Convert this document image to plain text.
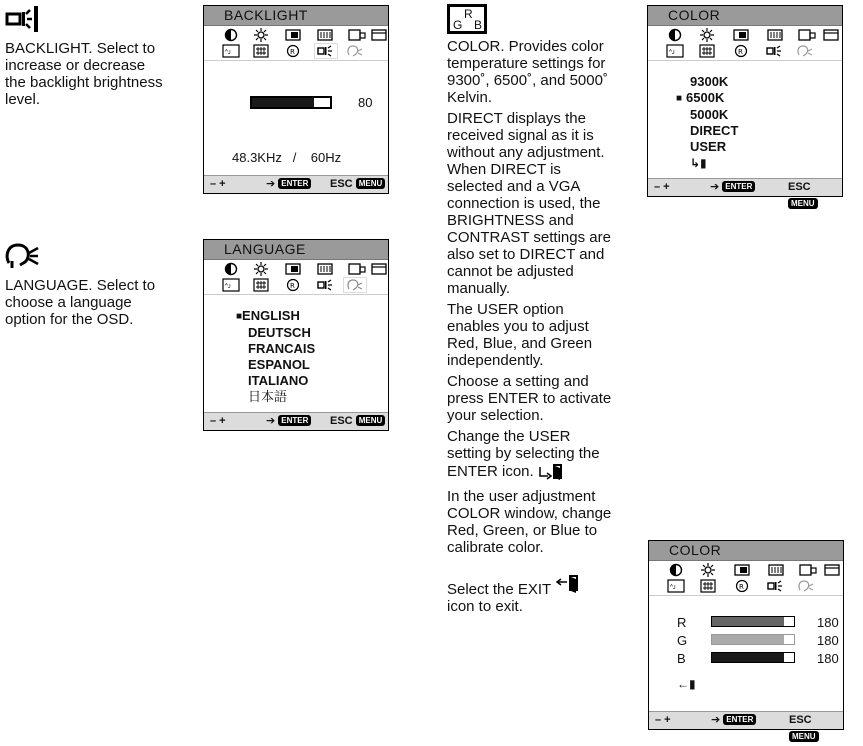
BACKLIGHT. Select to
increase or decrease
the backlight brightness
level.
LANGUAGE. Select to
choose a language
option for the OSD.
BACKLIGHT
ᴬᴊ	R
80
48.3KHz / 60Hz
– +	➔ ENTER ESC MENU
LANGUAGE
ᴬᴊ	R
■ENGLISH
DEUTSCH
FRANCAIS
ESPANOL
ITALIANO
日本語
– +	➔ ENTER ESC MENU
G
R
B
COLOR. Provides color
temperature settings for
9300˚, 6500˚, and 5000˚
Kelvin.
DIRECT displays the
received signal as it is
without any adjustment.
When DIRECT is
selected and a VGA
connection is used, the
BRIGHTNESS and
CONTRAST settings are
also set to DIRECT and
cannot be adjusted
manually.
The USER option
enables you to adjust
Red, Blue, and Green
independently.
Choose a setting and
press ENTER to activate
your selection.
Change the USER
setting by selecting the
ENTER icon.
In the user adjustment
COLOR window, change
Red, Green, or Blue to
calibrate color.
Select the EXIT
icon to exit.
COLOR
ᴬᴊ	R
9300K
■ 6500K
5000K
DIRECT
USER
↳▮
– +	➔ ENTER	ESC MENU
COLOR
ᴬᴊ	R
R	180
G	180
B	180
←▮
– +	➔ ENTER	ESC MENU
